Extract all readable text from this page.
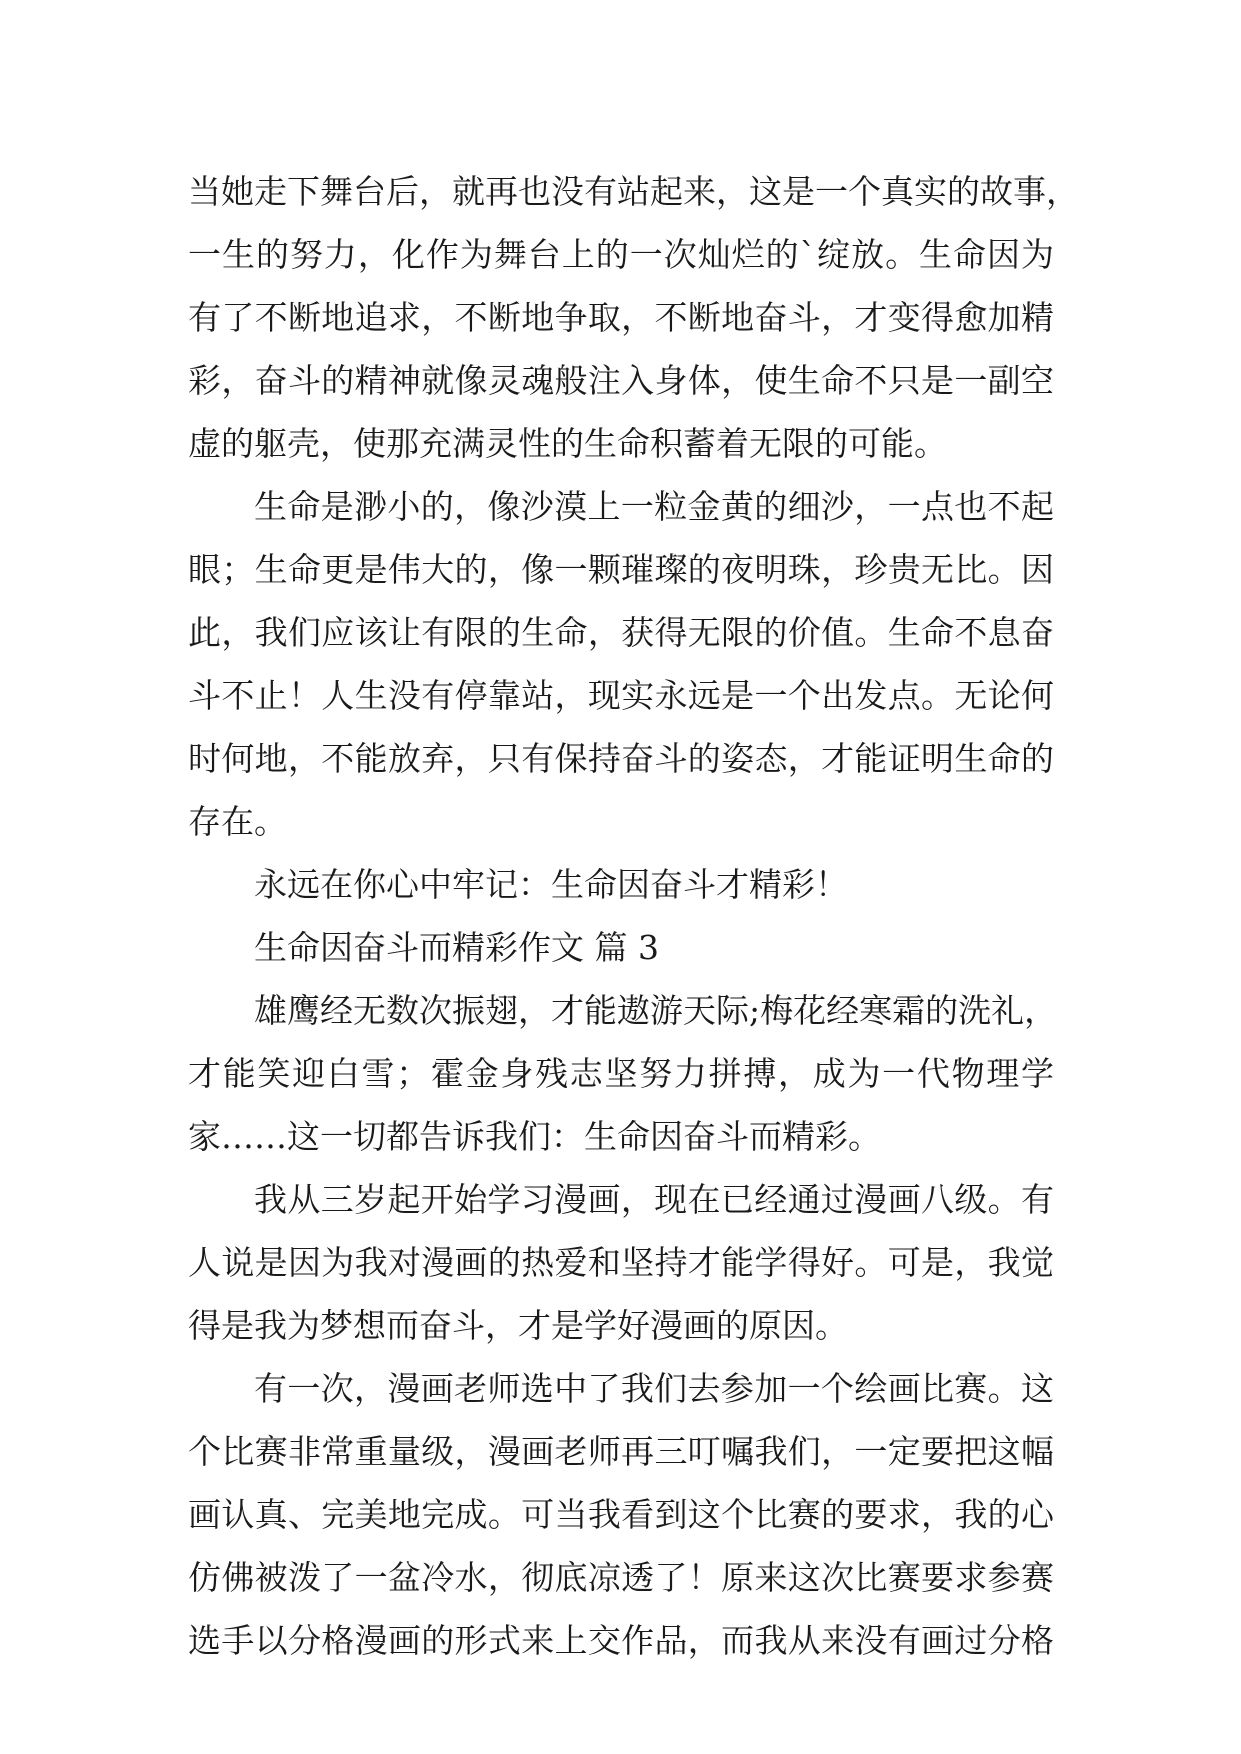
当她走下舞台后，就再也没有站起来，这是一个真实的故事，
一生的努力，化作为舞台上的一次灿烂的`绽放。生命因为
有了不断地追求，不断地争取，不断地奋斗，才变得愈加精
彩，奋斗的精神就像灵魂般注入身体，使生命不只是一副空
虚的躯壳，使那充满灵性的生命积蓄着无限的可能。
生命是渺小的，像沙漠上一粒金黄的细沙，一点也不起
眼；生命更是伟大的，像一颗璀璨的夜明珠，珍贵无比。因
此，我们应该让有限的生命，获得无限的价值。生命不息奋
斗不止！人生没有停靠站，现实永远是一个出发点。无论何
时何地，不能放弃，只有保持奋斗的姿态，才能证明生命的
存在。
永远在你心中牢记：生命因奋斗才精彩！
生命因奋斗而精彩作文 篇 3
雄鹰经无数次振翅，才能遨游天际;梅花经寒霜的洗礼，
才能笑迎白雪；霍金身残志坚努力拼搏，成为一代物理学
家……这一切都告诉我们：生命因奋斗而精彩。
我从三岁起开始学习漫画，现在已经通过漫画八级。有
人说是因为我对漫画的热爱和坚持才能学得好。可是，我觉
得是我为梦想而奋斗，才是学好漫画的原因。
有一次，漫画老师选中了我们去参加一个绘画比赛。这
个比赛非常重量级，漫画老师再三叮嘱我们，一定要把这幅
画认真、完美地完成。可当我看到这个比赛的要求，我的心
仿佛被泼了一盆冷水，彻底凉透了！原来这次比赛要求参赛
选手以分格漫画的形式来上交作品，而我从来没有画过分格
